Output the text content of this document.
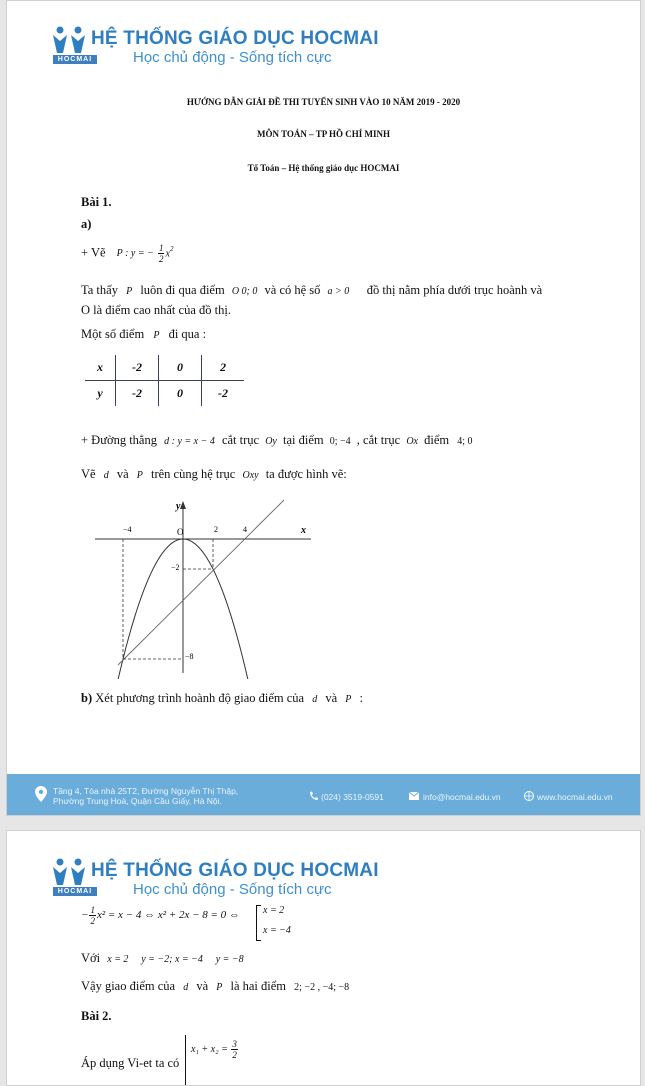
HỆ THỐNG GIÁO DỤC HOCMAI
Học chủ động - Sống tích cực
HOCMAI
HƯỚNG DẪN GIẢI ĐỀ THI TUYỂN SINH VÀO 10 NĂM 2019 - 2020
MÔN TOÁN – TP HỒ CHÍ MINH
Tổ Toán – Hệ thống giáo dục HOCMAI
Bài 1.
a)
+ Vẽ P : y = − $\frac{1}{2} x^2$
Ta thấy P luôn đi qua điểm O 0; 0 và có hệ số a > 0 ⃞ đồ thị nằm phía dưới trục hoành và
O là điểm cao nhất của đồ thị.
Một số điểm P đi qua :
x	-2	0	2
y	-2	0	-2
+ Đường thẳng d : y = x − 4 cắt trục Oy tại điểm 0; −4 , cắt trục Ox điểm 4; 0
Vẽ d và P trên cùng hệ trục Oxy ta được hình vẽ:
y
x
O
−4	2	4
−2
−8
b) Xét phương trình hoành độ giao điểm của d và P :
Tầng 4, Tòa nhà 25T2, Đường Nguyễn Thị Thập,
Phường Trung Hoà, Quận Cầu Giấy, Hà Nội.	(024) 3519-0591	info@hocmai.edu.vn	www.hocmai.edu.vn
HỆ THỐNG GIÁO DỤC HOCMAI
Học chủ động - Sống tích cực
HOCMAI
− $\frac{1}{2} x^2 = x - 4$ ⇔ x² + 2x − 8 = 0 ⇔ x = 2
x = −4
Với x = 2 ⃞ y = −2; x = −4 ⃞ y = −8
Vậy giao điểm của d và P là hai điểm 2; −2 , −4; −8
Bài 2.
Áp dụng Vi-et ta có
$x_1 + x_2 = \frac{3}{2}$
